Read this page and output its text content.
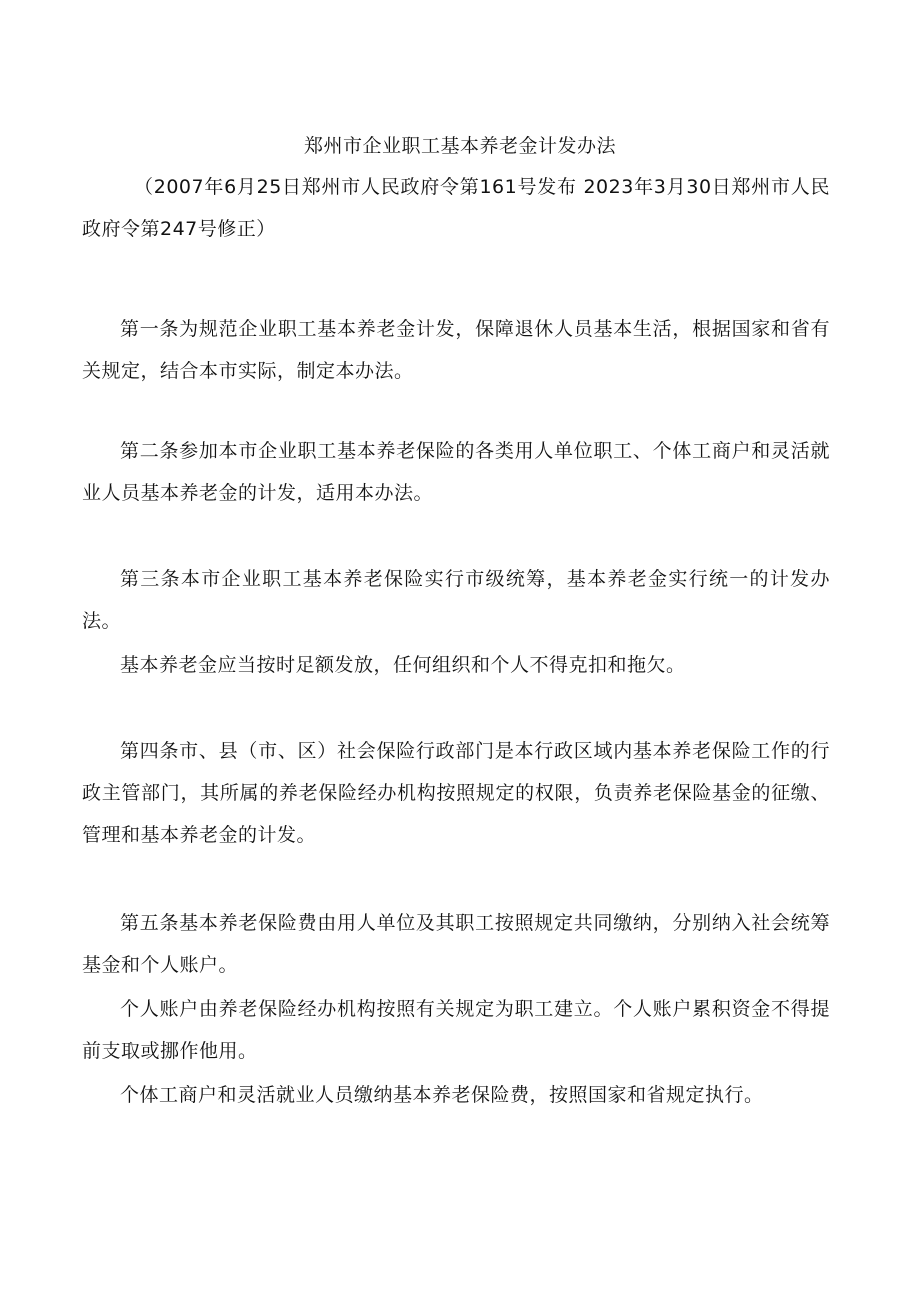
郑州市企业职工基本养老金计发办法

（2007年6月25日郑州市人民政府令第161号发布 2023年3月30日郑州市人民政府令第247号修正）

第一条为规范企业职工基本养老金计发，保障退休人员基本生活，根据国家和省有关规定，结合本市实际，制定本办法。

第二条参加本市企业职工基本养老保险的各类用人单位职工、个体工商户和灵活就业人员基本养老金的计发，适用本办法。

第三条本市企业职工基本养老保险实行市级统筹，基本养老金实行统一的计发办法。

基本养老金应当按时足额发放，任何组织和个人不得克扣和拖欠。

第四条市、县（市、区）社会保险行政部门是本行政区域内基本养老保险工作的行政主管部门，其所属的养老保险经办机构按照规定的权限，负责养老保险基金的征缴、管理和基本养老金的计发。

第五条基本养老保险费由用人单位及其职工按照规定共同缴纳，分别纳入社会统筹基金和个人账户。

个人账户由养老保险经办机构按照有关规定为职工建立。个人账户累积资金不得提前支取或挪作他用。

个体工商户和灵活就业人员缴纳基本养老保险费，按照国家和省规定执行。
